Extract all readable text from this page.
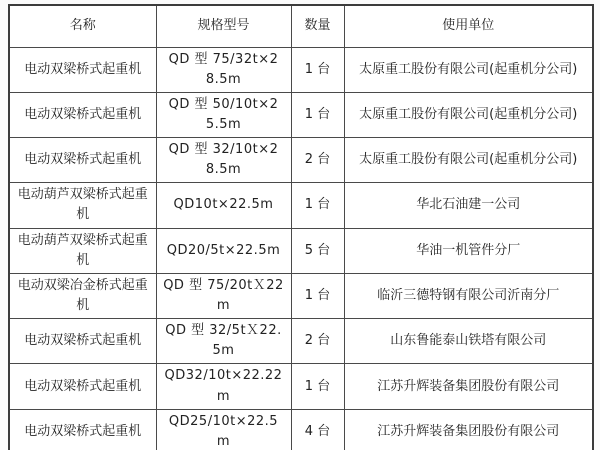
名称	规格型号	数量	使用单位
电动双梁桥式起重机	QD 型 75/32t×28.5m	1 台	太原重工股份有限公司(起重机分公司)
电动双梁桥式起重机	QD 型 50/10t×25.5m	1 台	太原重工股份有限公司(起重机分公司)
电动双梁桥式起重机	QD 型 32/10t×28.5m	2 台	太原重工股份有限公司(起重机分公司)
电动葫芦双梁桥式起重机	QD10t×22.5m	1 台	华北石油建一公司
电动葫芦双梁桥式起重机	QD20/5t×22.5m	5 台	华油一机管件分厂
电动双梁冶金桥式起重机	QD 型 75/20tＸ22m	1 台	临沂三德特钢有限公司沂南分厂
电动双梁桥式起重机	QD 型 32/5tＸ22.5m	2 台	山东鲁能泰山铁塔有限公司
电动双梁桥式起重机	QD32/10t×22.22m	1 台	江苏升辉装备集团股份有限公司
电动双梁桥式起重机	QD25/10t×22.5m	4 台	江苏升辉装备集团股份有限公司
